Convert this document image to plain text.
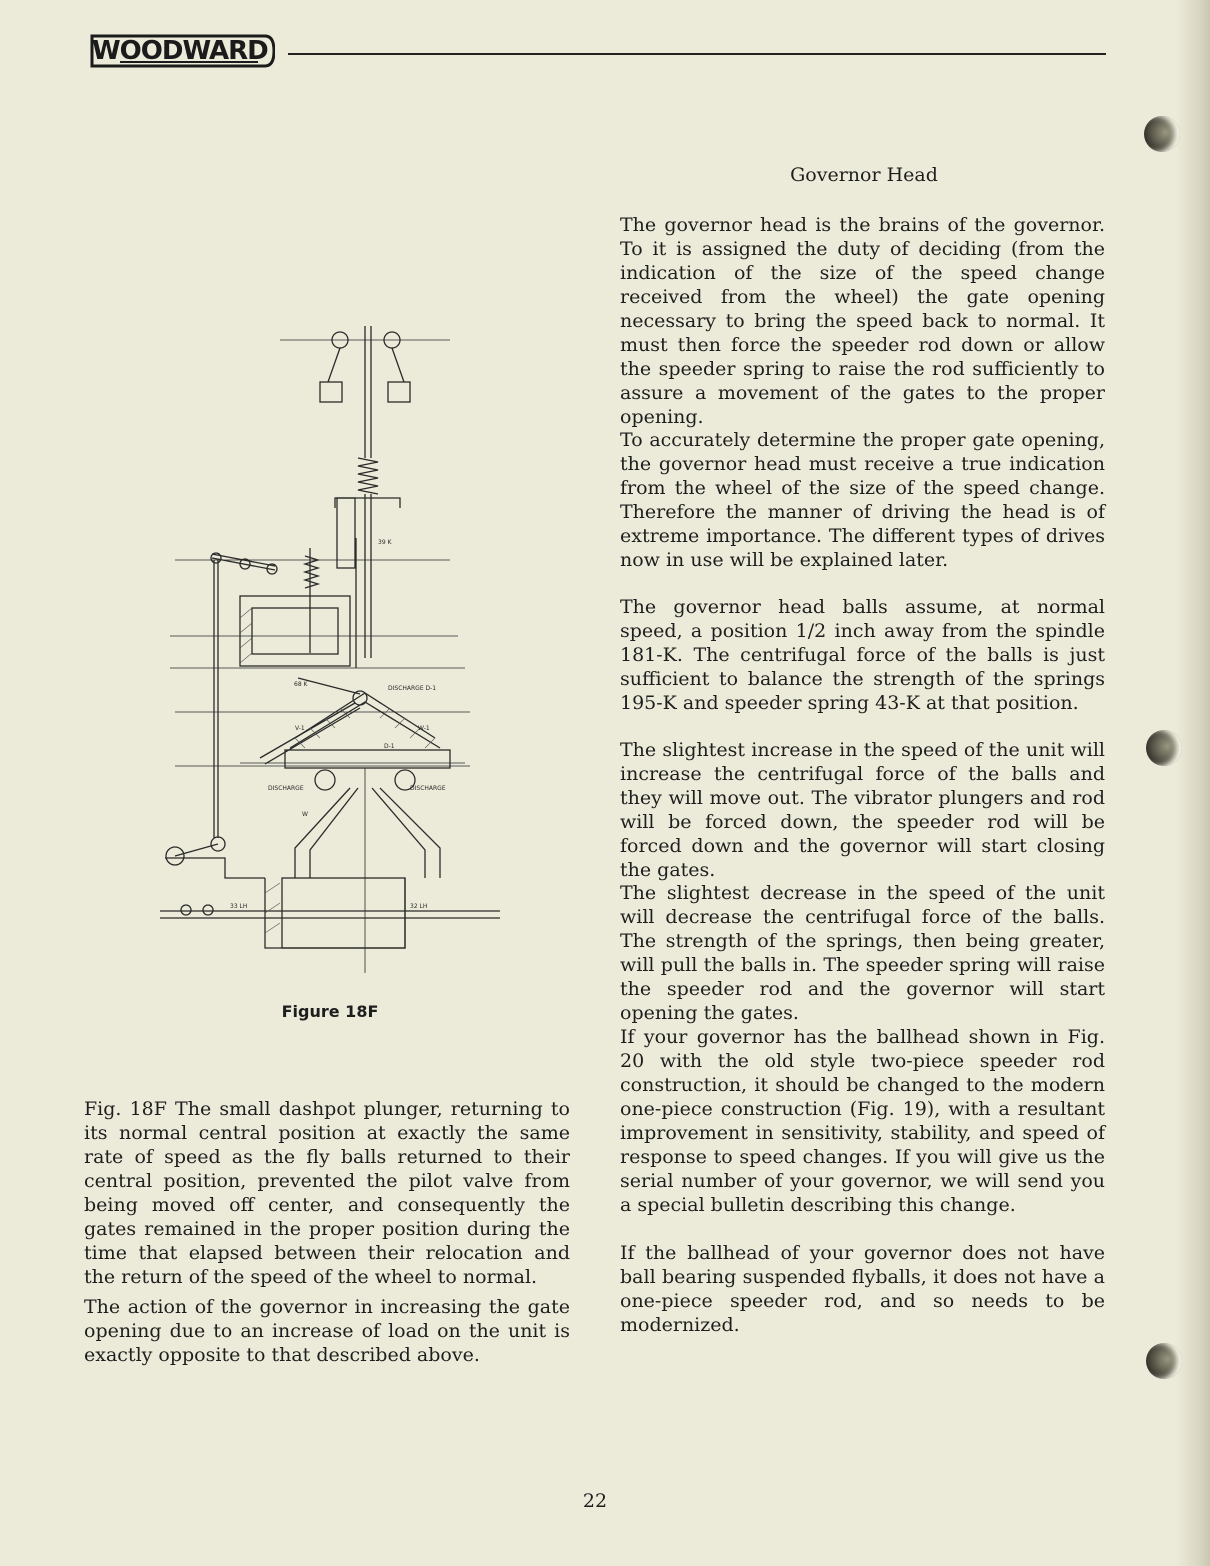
WOODWARD
Governor Head

The governor head is the brains of the governor. To it is assigned the duty of deciding (from the indication of the size of the speed change received from the wheel) the gate opening necessary to bring the speed back to normal. It must then force the speeder rod down or allow the speeder spring to raise the rod sufficiently to assure a movement of the gates to the proper opening.

To accurately determine the proper gate opening, the governor head must receive a true indication from the wheel of the size of the speed change. Therefore the manner of driving the head is of extreme importance. The different types of drives now in use will be explained later.

The governor head balls assume, at normal speed, a position 1/2 inch away from the spindle 181-K. The centrifugal force of the balls is just sufficient to balance the strength of the springs 195-K and speeder spring 43-K at that position.

The slightest increase in the speed of the unit will increase the centrifugal force of the balls and they will move out. The vibrator plungers and rod will be forced down, the speeder rod will be forced down and the governor will start closing the gates.

The slightest decrease in the speed of the unit will decrease the centrifugal force of the balls. The strength of the springs, then being greater, will pull the balls in. The speeder spring will raise the speeder rod and the governor will start opening the gates.

If your governor has the ballhead shown in Fig. 20 with the old style two-piece speeder rod construction, it should be changed to the modern one-piece construction (Fig. 19), with a resultant improvement in sensitivity, stability, and speed of response to speed changes. If you will give us the serial number of your governor, we will send you a special bulletin describing this change.

If the ballhead of your governor does not have ball bearing suspended flyballs, it does not have a one-piece speeder rod, and so needs to be modernized.

39 K
68 K
DISCHARGE D-1
D-1
V-1	W-1
DISCHARGE	DISCHARGE
W
33 LH	32 LH
Figure 18F

Fig. 18F The small dashpot plunger, returning to its normal central position at exactly the same rate of speed as the fly balls returned to their central position, prevented the pilot valve from being moved off center, and consequently the gates remained in the proper position during the time that elapsed between their relocation and the return of the speed of the wheel to normal.

The action of the governor in increasing the gate opening due to an increase of load on the unit is exactly opposite to that described above.

22
